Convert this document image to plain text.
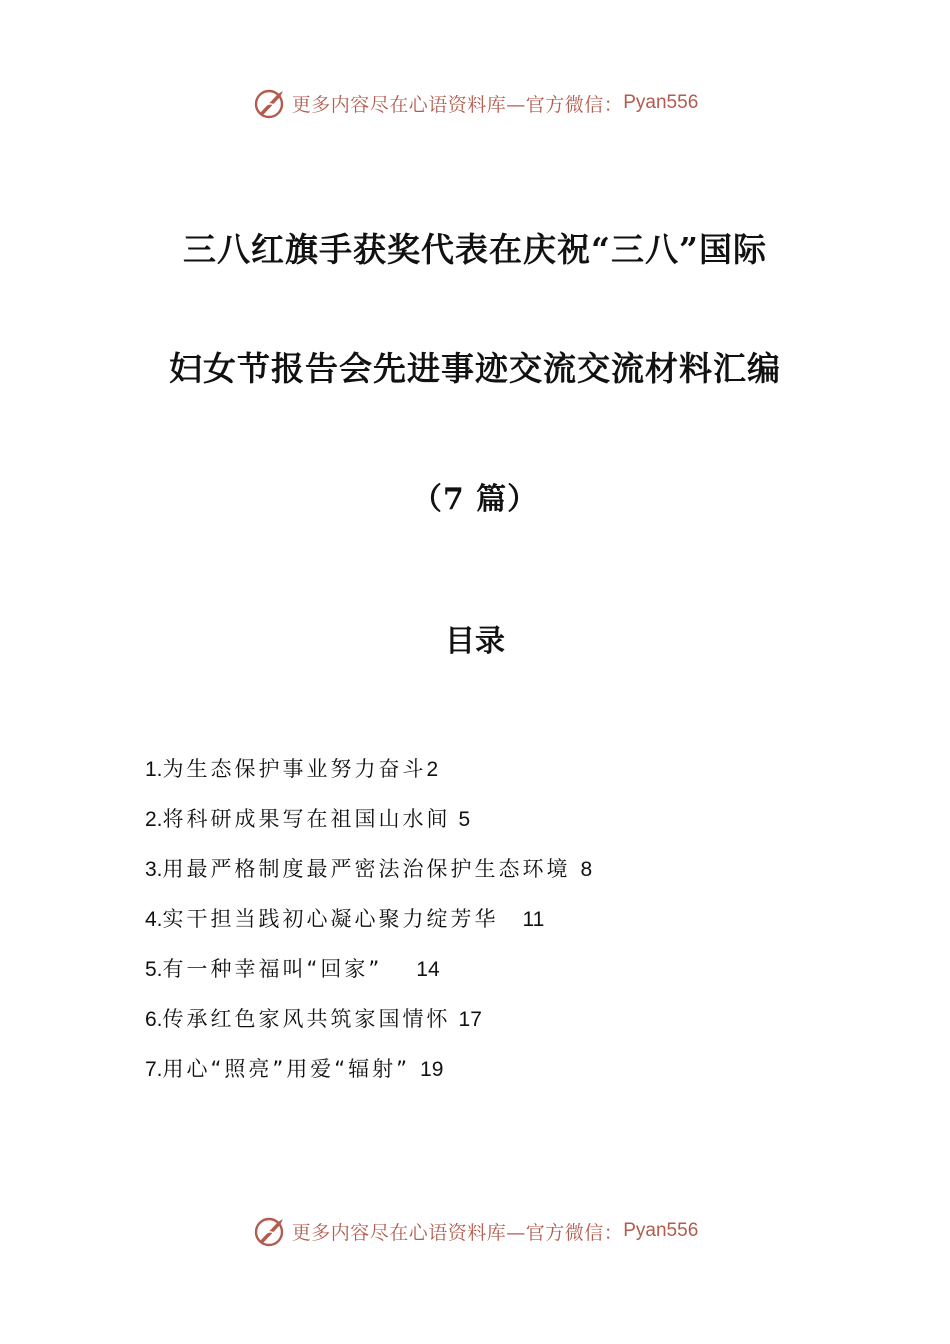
更多内容尽在心语资料库—官方微信： Pyan556
三八红旗手获奖代表在庆祝“三八”国际
妇女节报告会先进事迹交流交流材料汇编
（7 篇）
目录
1.为生态保护事业努力奋斗2
2.将科研成果写在祖国山水间 5
3.用最严格制度最严密法治保护生态环境 8
4.实干担当践初心凝心聚力绽芳华 11
5.有一种幸福叫“回家” 14
6.传承红色家风共筑家国情怀 17
7.用心“照亮”用爱“辐射” 19
更多内容尽在心语资料库—官方微信： Pyan556
